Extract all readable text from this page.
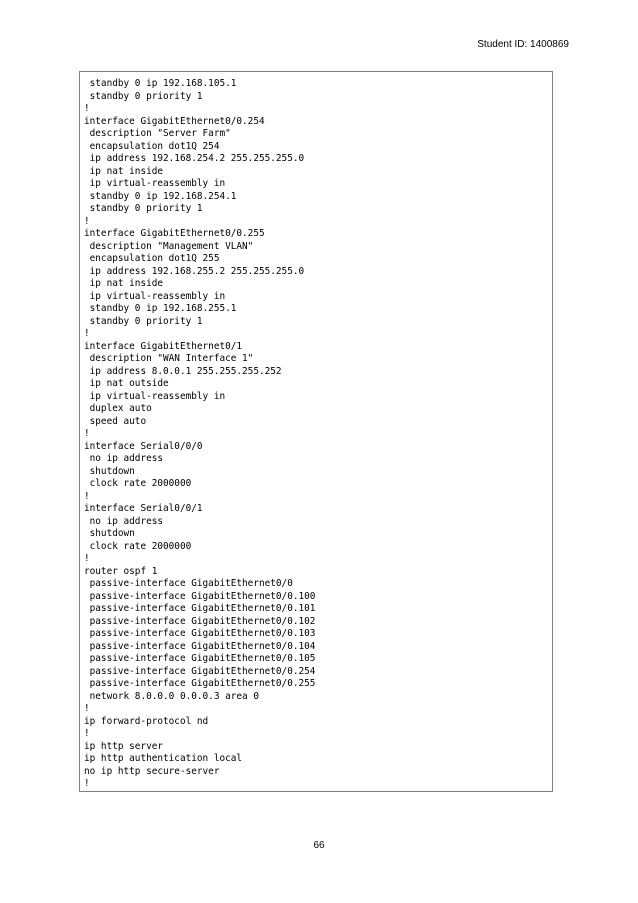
Student ID: 1400869
standby 0 ip 192.168.105.1
standby 0 priority 1
!
interface GigabitEthernet0/0.254
description "Server Farm"
encapsulation dot1Q 254
ip address 192.168.254.2 255.255.255.0
ip nat inside
ip virtual-reassembly in
standby 0 ip 192.168.254.1
standby 0 priority 1
!
interface GigabitEthernet0/0.255
description "Management VLAN"
encapsulation dot1Q 255
ip address 192.168.255.2 255.255.255.0
ip nat inside
ip virtual-reassembly in
standby 0 ip 192.168.255.1
standby 0 priority 1
!
interface GigabitEthernet0/1
description "WAN Interface 1"
ip address 8.0.0.1 255.255.255.252
ip nat outside
ip virtual-reassembly in
duplex auto
speed auto
!
interface Serial0/0/0
no ip address
shutdown
clock rate 2000000
!
interface Serial0/0/1
no ip address
shutdown
clock rate 2000000
!
router ospf 1
passive-interface GigabitEthernet0/0
passive-interface GigabitEthernet0/0.100
passive-interface GigabitEthernet0/0.101
passive-interface GigabitEthernet0/0.102
passive-interface GigabitEthernet0/0.103
passive-interface GigabitEthernet0/0.104
passive-interface GigabitEthernet0/0.105
passive-interface GigabitEthernet0/0.254
passive-interface GigabitEthernet0/0.255
network 8.0.0.0 0.0.0.3 area 0
!
ip forward-protocol nd
!
ip http server
ip http authentication local
no ip http secure-server
!
66
